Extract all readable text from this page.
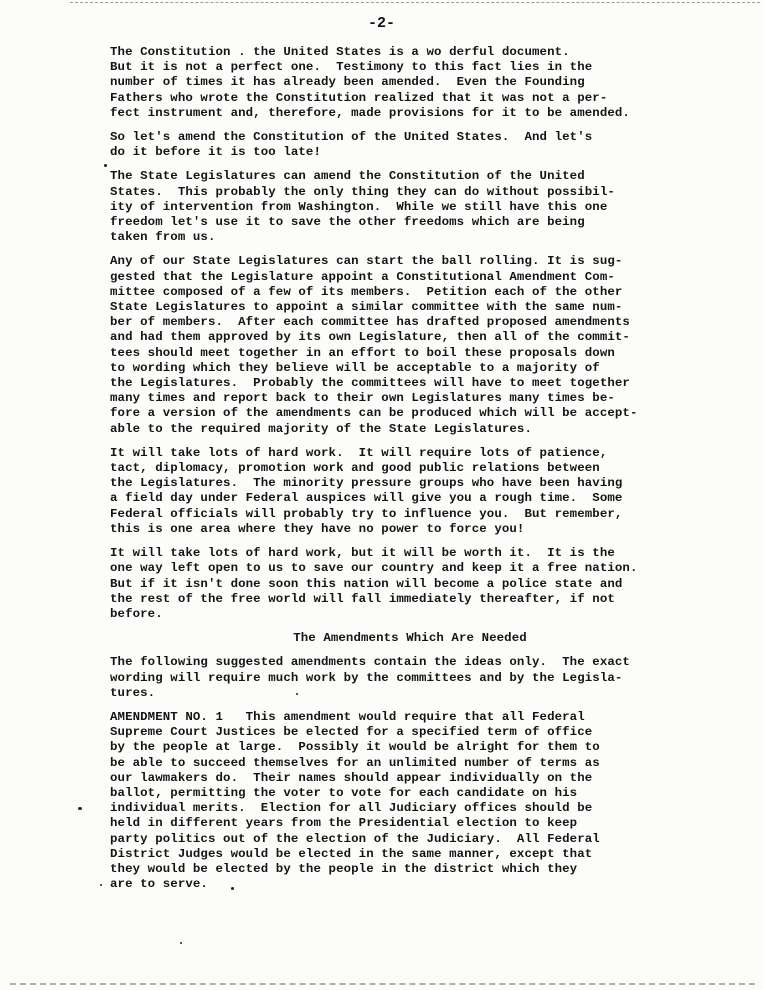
-2-

The Constitution . the United States is a wo derful document.
But it is not a perfect one.  Testimony to this fact lies in the
number of times it has already been amended.  Even the Founding
Fathers who wrote the Constitution realized that it was not a per-
fect instrument and, therefore, made provisions for it to be amended.

So let's amend the Constitution of the United States.  And let's
do it before it is too late!

The State Legislatures can amend the Constitution of the United
States.  This probably the only thing they can do without possibil-
ity of intervention from Washington.  While we still have this one
freedom let's use it to save the other freedoms which are being
taken from us.

Any of our State Legislatures can start the ball rolling. It is sug-
gested that the Legislature appoint a Constitutional Amendment Com-
mittee composed of a few of its members.  Petition each of the other
State Legislatures to appoint a similar committee with the same num-
ber of members.  After each committee has drafted proposed amendments
and had them approved by its own Legislature, then all of the commit-
tees should meet together in an effort to boil these proposals down
to wording which they believe will be acceptable to a majority of
the Legislatures.  Probably the committees will have to meet together
many times and report back to their own Legislatures many times be-
fore a version of the amendments can be produced which will be accept-
able to the required majority of the State Legislatures.

It will take lots of hard work.  It will require lots of patience,
tact, diplomacy, promotion work and good public relations between
the Legislatures.  The minority pressure groups who have been having
a field day under Federal auspices will give you a rough time.  Some
Federal officials will probably try to influence you.  But remember,
this is one area where they have no power to force you!

It will take lots of hard work, but it will be worth it.  It is the
one way left open to us to save our country and keep it a free nation.
But if it isn't done soon this nation will become a police state and
the rest of the free world will fall immediately thereafter, if not
before.

The Amendments Which Are Needed

The following suggested amendments contain the ideas only.  The exact
wording will require much work by the committees and by the Legisla-
tures.

AMENDMENT NO. 1   This amendment would require that all Federal
Supreme Court Justices be elected for a specified term of office
by the people at large.  Possibly it would be alright for them to
be able to succeed themselves for an unlimited number of terms as
our lawmakers do.  Their names should appear individually on the
ballot, permitting the voter to vote for each candidate on his
individual merits.  Election for all Judiciary offices should be
held in different years from the Presidential election to keep
party politics out of the election of the Judiciary.  All Federal
District Judges would be elected in the same manner, except that
they would be elected by the people in the district which they
are to serve.
